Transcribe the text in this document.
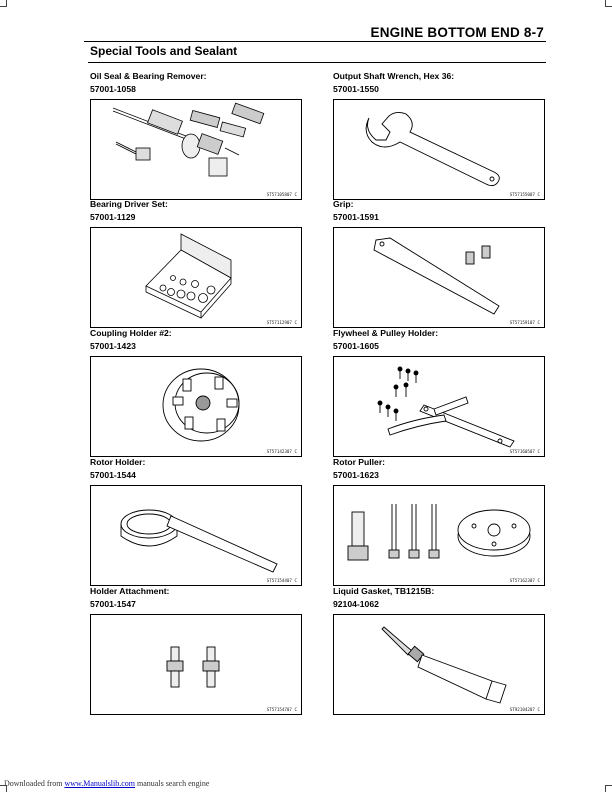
ENGINE BOTTOM END 8-7
Special Tools and Sealant
Oil Seal & Bearing Remover:
57001-1058
ST57105807 C
Output Shaft Wrench, Hex 36:
57001-1550
ST57155007 C
Bearing Driver Set:
57001-1129
ST57112907 C
Grip:
57001-1591
ST57159107 C
Coupling Holder #2:
57001-1423
ST57142307 C
Flywheel & Pulley Holder:
57001-1605
ST57160507 C
Rotor Holder:
57001-1544
ST57154407 C
Rotor Puller:
57001-1623
ST57162307 C
Holder Attachment:
57001-1547
ST57154707 C
Liquid Gasket, TB1215B:
92104-1062
ST92104207 C
Downloaded from www.Manualslib.com manuals search engine
